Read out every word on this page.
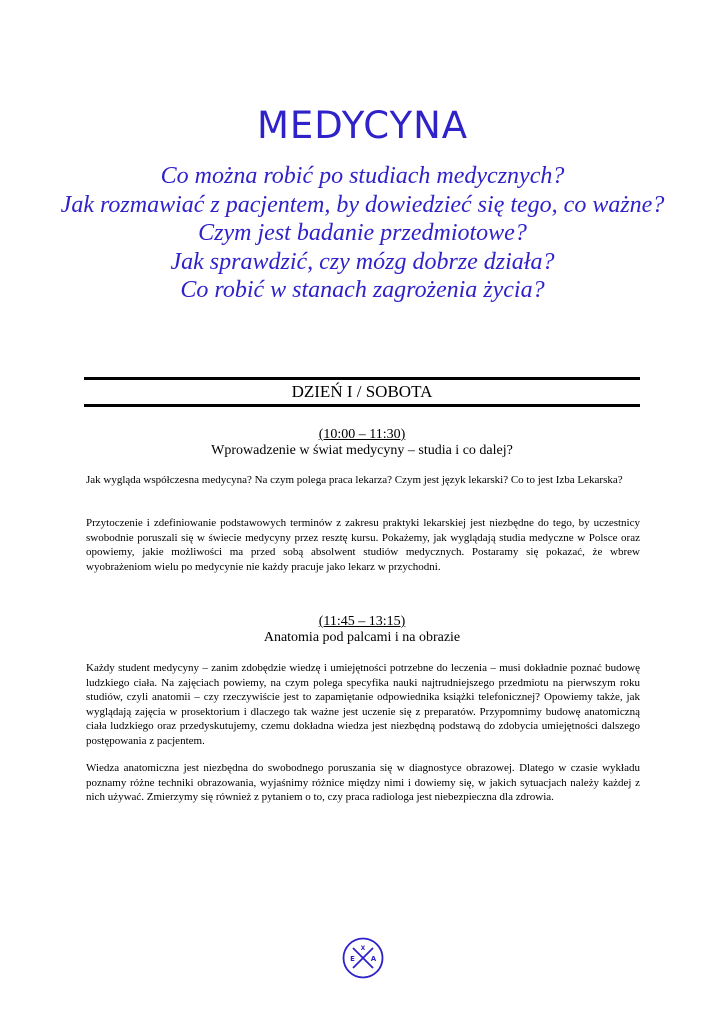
MEDYCYNA
Co można robić po studiach medycznych?
Jak rozmawiać z pacjentem, by dowiedzieć się tego, co ważne?
Czym jest badanie przedmiotowe?
Jak sprawdzić, czy mózg dobrze działa?
Co robić w stanach zagrożenia życia?
DZIEŃ I / SOBOTA
(10:00 – 11:30)
Wprowadzenie w świat medycyny – studia i co dalej?

Jak wygląda współczesna medycyna? Na czym polega praca lekarza? Czym jest język lekarski? Co to jest Izba Lekarska?

Przytoczenie i zdefiniowanie podstawowych terminów z zakresu praktyki lekarskiej jest niezbędne do tego, by uczestnicy swobodnie poruszali się w świecie medycyny przez resztę kursu. Pokażemy, jak wyglądają studia medyczne w Polsce oraz opowiemy, jakie możliwości ma przed sobą absolwent studiów medycznych. Postaramy się pokazać, że wbrew wyobrażeniom wielu po medycynie nie każdy pracuje jako lekarz w przychodni.

(11:45 – 13:15)
Anatomia pod palcami i na obrazie

Każdy student medycyny – zanim zdobędzie wiedzę i umiejętności potrzebne do leczenia – musi dokładnie poznać budowę ludzkiego ciała. Na zajęciach powiemy, na czym polega specyfika nauki najtrudniejszego przedmiotu na pierwszym roku studiów, czyli anatomii – czy rzeczywiście jest to zapamiętanie odpowiednika książki telefonicznej? Opowiemy także, jak wyglądają zajęcia w prosektorium i dlaczego tak ważne jest uczenie się z preparatów. Przypomnimy budowę anatomiczną ciała ludzkiego oraz przedyskutujemy, czemu dokładna wiedza jest niezbędną podstawą do zdobycia umiejętności dalszego postępowania z pacjentem.

Wiedza anatomiczna jest niezbędna do swobodnego poruszania się w diagnostyce obrazowej. Dlatego w czasie wykładu poznamy różne techniki obrazowania, wyjaśnimy różnice między nimi i dowiemy się, w jakich sytuacjach należy każdej z nich używać. Zmierzymy się również z pytaniem o to, czy praca radiologa jest niebezpieczna dla zdrowia.

E
X
A
